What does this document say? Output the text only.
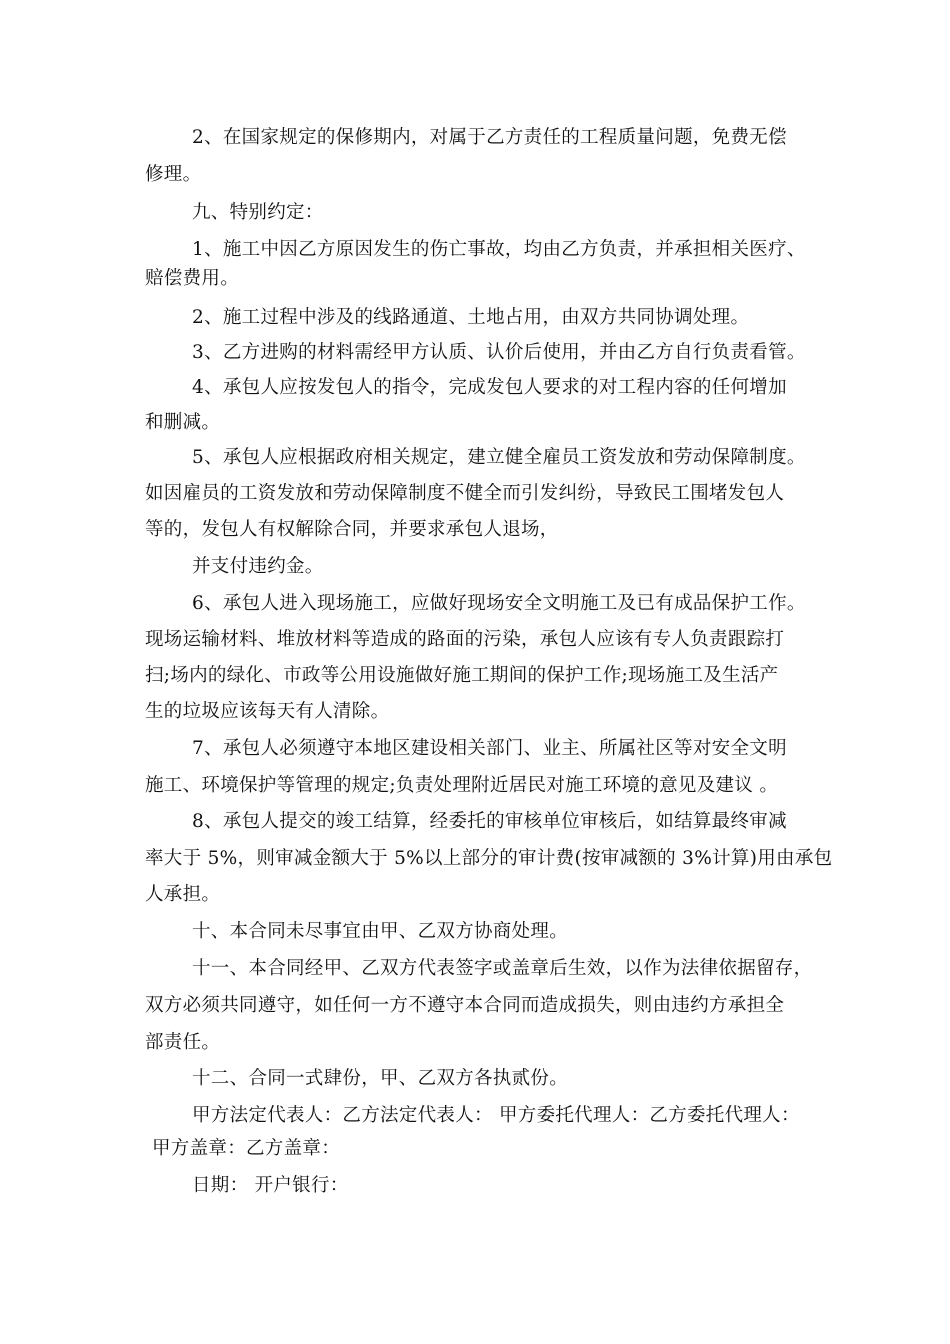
2、在国家规定的保修期内，对属于乙方责任的工程质量问题，免费无偿
修理。
九、特别约定：
1、施工中因乙方原因发生的伤亡事故，均由乙方负责，并承担相关医疗、
赔偿费用。
2、施工过程中涉及的线路通道、土地占用，由双方共同协调处理。
3、乙方进购的材料需经甲方认质、认价后使用，并由乙方自行负责看管。
4、承包人应按发包人的指令，完成发包人要求的对工程内容的任何增加
和删减。
5、承包人应根据政府相关规定，建立健全雇员工资发放和劳动保障制度。
如因雇员的工资发放和劳动保障制度不健全而引发纠纷，导致民工围堵发包人
等的，发包人有权解除合同，并要求承包人退场，
并支付违约金。
6、承包人进入现场施工，应做好现场安全文明施工及已有成品保护工作。
现场运输材料、堆放材料等造成的路面的污染，承包人应该有专人负责跟踪打
扫;场内的绿化、市政等公用设施做好施工期间的保护工作;现场施工及生活产
生的垃圾应该每天有人清除。
7、承包人必须遵守本地区建设相关部门、业主、所属社区等对安全文明
施工、环境保护等管理的规定;负责处理附近居民对施工环境的意见及建议 。
8、承包人提交的竣工结算，经委托的审核单位审核后，如结算最终审减
率大于 5%，则审减金额大于 5%以上部分的审计费(按审减额的 3%计算)用由承包
人承担。
十、本合同未尽事宜由甲、乙双方协商处理。
十一、本合同经甲、乙双方代表签字或盖章后生效，以作为法律依据留存，
双方必须共同遵守，如任何一方不遵守本合同而造成损失，则由违约方承担全
部责任。
十二、合同一式肆份，甲、乙双方各执贰份。
甲方法定代表人：乙方法定代表人： 甲方委托代理人：乙方委托代理人：
甲方盖章：乙方盖章：
日期： 开户银行：
